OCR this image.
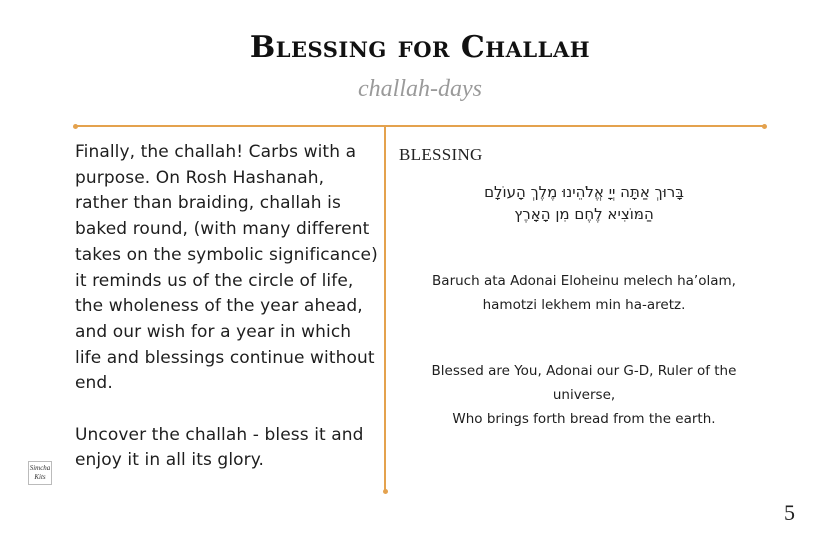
Blessing for Challah
challah-days

Finally, the challah! Carbs with a purpose. On Rosh Hashanah, rather than braiding, challah is baked round, (with many different takes on the symbolic significance) it reminds us of the circle of life, the wholeness of the year ahead, and our wish for a year in which life and blessings continue without end.

Uncover the challah - bless it and enjoy it in all its glory.

BLESSING
בָּרוּךְ אַתָּה יְיָ אֱלֹהֵינוּ מֶלֶךְ הָעוֹלָם
הַמּוֹצִיא לֶחֶם מִן הָאָרֶץ
Baruch ata Adonai Eloheinu melech ha’olam,
hamotzi lekhem min ha-aretz.
Blessed are You, Adonai our G-D, Ruler of the universe,
Who brings forth bread from the earth.
Simcha Kits
5
